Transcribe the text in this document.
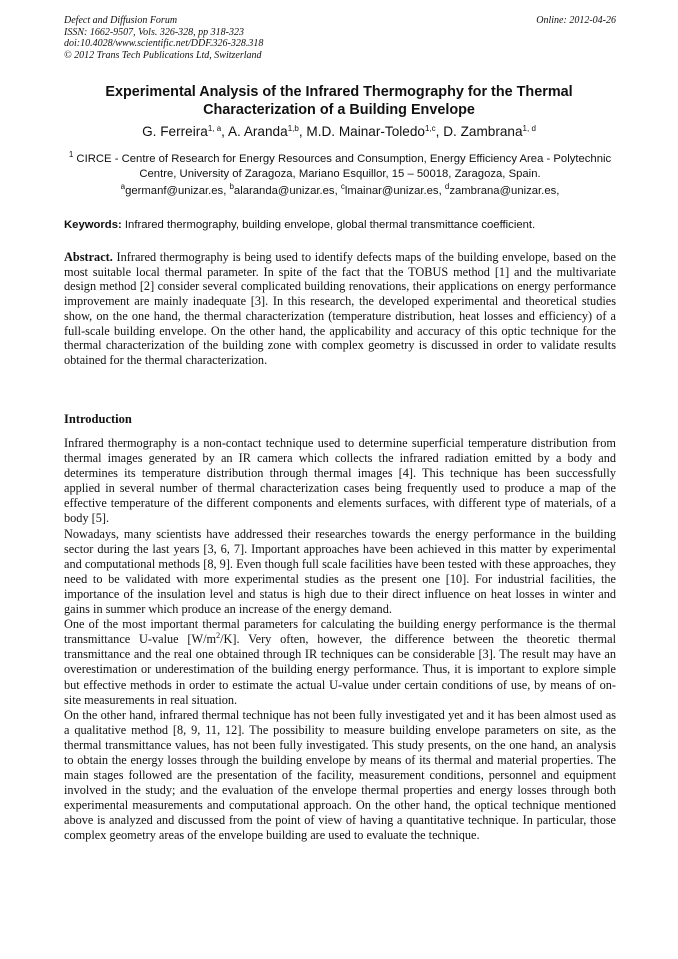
Defect and Diffusion Forum
ISSN: 1662-9507, Vols. 326-328, pp 318-323
doi:10.4028/www.scientific.net/DDF.326-328.318
© 2012 Trans Tech Publications Ltd, Switzerland
Online: 2012-04-26
Experimental Analysis of the Infrared Thermography for the Thermal Characterization of a Building Envelope
G. Ferreira$^{1, a}$, A. Aranda$^{1,b}$, M.D. Mainar-Toledo$^{1,c}$, D. Zambrana$^{1, d}$
$^1$ CIRCE - Centre of Research for Energy Resources and Consumption, Energy Efficiency Area - Polytechnic Centre, University of Zaragoza, Mariano Esquillor, 15 – 50018, Zaragoza, Spain.
$^a$germanf@unizar.es, $^b$alaranda@unizar.es, $^c$lmainar@unizar.es, $^d$zambrana@unizar.es,
Keywords: Infrared thermography, building envelope, global thermal transmittance coefficient.
Abstract. Infrared thermography is being used to identify defects maps of the building envelope, based on the most suitable local thermal parameter. In spite of the fact that the TOBUS method [1] and the multivariate design method [2] consider several complicated building renovations, their applications on energy performance improvement are mainly inadequate [3]. In this research, the developed experimental and theoretical studies show, on the one hand, the thermal characterization (temperature distribution, heat losses and efficiency) of a full-scale building envelope. On the other hand, the applicability and accuracy of this optic technique for the thermal characterization of the building zone with complex geometry is discussed in order to validate results obtained for the thermal characterization.
Introduction

Infrared thermography is a non-contact technique used to determine superficial temperature distribution from thermal images generated by an IR camera which collects the infrared radiation emitted by a body and determines its temperature distribution through thermal images [4]. This technique has been successfully applied in several number of thermal characterization cases being frequently used to produce a map of the effective temperature of the different components and elements surfaces, with different type of materials, of a body [5].

Nowadays, many scientists have addressed their researches towards the energy performance in the building sector during the last years [3, 6, 7]. Important approaches have been achieved in this matter by experimental and computational methods [8, 9]. Even though full scale facilities have been tested with these approaches, they need to be validated with more experimental studies as the present one [10]. For industrial facilities, the importance of the insulation level and status is high due to their direct influence on heat losses in winter and gains in summer which produce an increase of the energy demand.

One of the most important thermal parameters for calculating the building energy performance is the thermal transmittance U-value $[W/m^2/K]$. Very often, however, the difference between the theoretic thermal transmittance and the real one obtained through IR techniques can be considerable [3]. The result may have an overestimation or underestimation of the building energy performance. Thus, it is important to explore simple but effective methods in order to estimate the actual U-value under certain conditions of use, by means of on-site measurements in real situation.

On the other hand, infrared thermal technique has not been fully investigated yet and it has been almost used as a qualitative method [8, 9, 11, 12]. The possibility to measure building envelope parameters on site, as the thermal transmittance values, has not been fully investigated. This study presents, on the one hand, an analysis to obtain the energy losses through the building envelope by means of its thermal and material properties. The main stages followed are the presentation of the facility, measurement conditions, personnel and equipment involved in the study; and the evaluation of the envelope thermal properties and energy losses through both experimental measurements and computational approach. On the other hand, the optical technique mentioned above is analyzed and discussed from the point of view of having a quantitative technique. In particular, those complex geometry areas of the envelope building are used to evaluate the technique.
